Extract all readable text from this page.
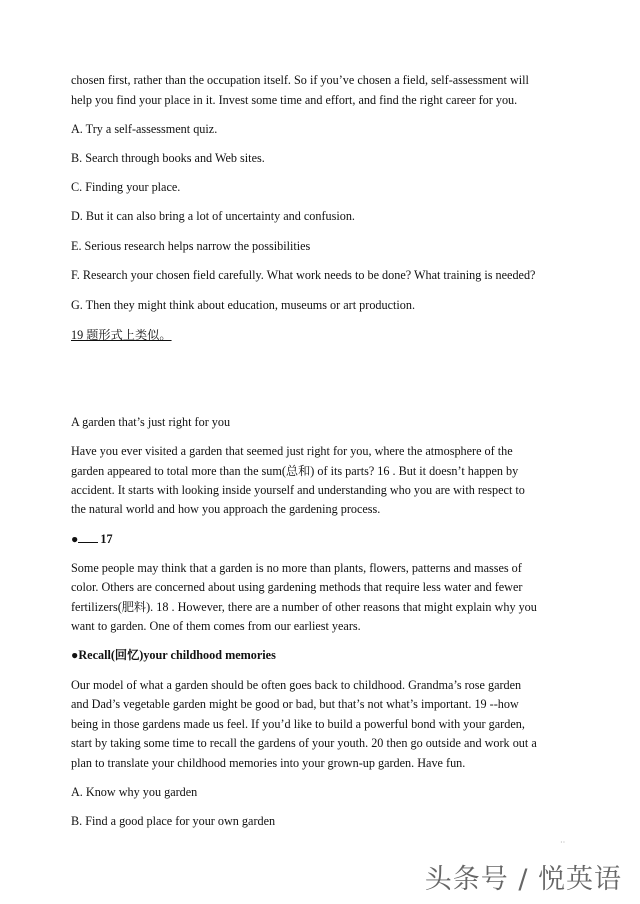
chosen first, rather than the occupation itself. So if you’ve chosen a field, self-assessment will
help you find your place in it. Invest some time and effort, and find the right career for you.
A. Try a self-assessment quiz.
B. Search through books and Web sites.
C. Finding your place.
D. But it can also bring a lot of uncertainty and confusion.
E. Serious research helps narrow the possibilities
F. Research your chosen field carefully. What work needs to be done? What training is needed?
G. Then they might think about education, museums or art production.
19 题形式上类似。
A garden that’s just right for you
Have you ever visited a garden that seemed just right for you, where the atmosphere of the
garden appeared to total more than the sum(总和) of its parts? 16 . But it doesn’t happen by
accident. It starts with looking inside yourself and understanding who you are with respect to
the natural world and how you approach the gardening process.
● 17
Some people may think that a garden is no more than plants, flowers, patterns and masses of
color. Others are concerned about using gardening methods that require less water and fewer
fertilizers(肥料). 18 . However, there are a number of other reasons that might explain why you
want to garden. One of them comes from our earliest years.
●Recall(回忆)your childhood memories
Our model of what a garden should be often goes back to childhood. Grandma’s rose garden
and Dad’s vegetable garden might be good or bad, but that’s not what’s important. 19 --how
being in those gardens made us feel. If you’d like to build a powerful bond with your garden,
start by taking some time to recall the gardens of your youth. 20 then go outside and work out a
plan to translate your childhood memories into your grown-up garden. Have fun.
A. Know why you garden
B. Find a good place for your own garden
··
头条号 / 悦英语
